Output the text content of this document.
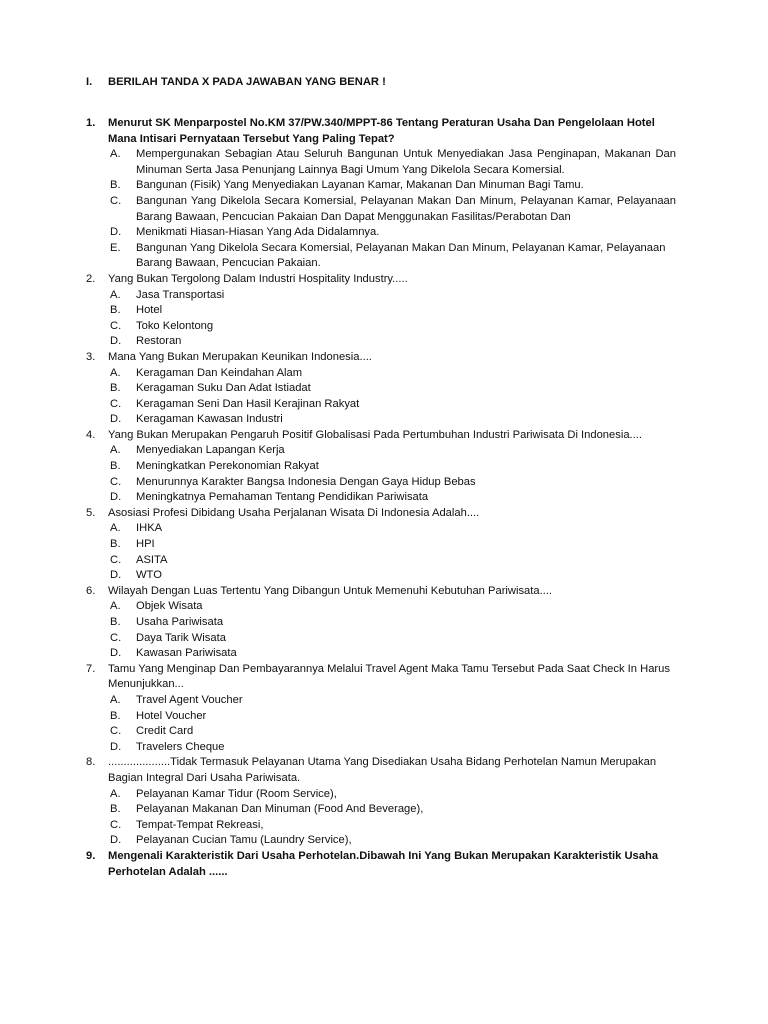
I. BERILAH TANDA X PADA JAWABAN YANG BENAR !
1. Menurut SK Menparpostel No.KM 37/PW.340/MPPT-86 Tentang Peraturan Usaha Dan Pengelolaan Hotel Mana Intisari Pernyataan Tersebut Yang Paling Tepat?
A. Mempergunakan Sebagian Atau Seluruh Bangunan Untuk Menyediakan Jasa Penginapan, Makanan Dan Minuman Serta Jasa Penunjang Lainnya Bagi Umum Yang Dikelola Secara Komersial.
B. Bangunan (Fisik) Yang Menyediakan Layanan Kamar, Makanan Dan Minuman Bagi Tamu.
C. Bangunan Yang Dikelola Secara Komersial, Pelayanan Makan Dan Minum, Pelayanan Kamar, Pelayanaan Barang Bawaan, Pencucian Pakaian Dan Dapat Menggunakan Fasilitas/Perabotan Dan
D. Menikmati Hiasan-Hiasan Yang Ada Didalamnya.
E. Bangunan Yang Dikelola Secara Komersial, Pelayanan Makan Dan Minum, Pelayanan Kamar, Pelayanaan Barang Bawaan, Pencucian Pakaian.
2. Yang Bukan Tergolong Dalam Industri Hospitality Industry.....
A. Jasa Transportasi
B. Hotel
C. Toko Kelontong
D. Restoran
3. Mana Yang Bukan Merupakan Keunikan Indonesia....
A. Keragaman Dan Keindahan Alam
B. Keragaman Suku Dan Adat Istiadat
C. Keragaman Seni Dan Hasil Kerajinan Rakyat
D. Keragaman Kawasan Industri
4. Yang Bukan Merupakan Pengaruh Positif Globalisasi Pada Pertumbuhan Industri Pariwisata Di Indonesia....
A. Menyediakan Lapangan Kerja
B. Meningkatkan Perekonomian Rakyat
C. Menurunnya Karakter Bangsa Indonesia Dengan Gaya Hidup Bebas
D. Meningkatnya Pemahaman Tentang Pendidikan Pariwisata
5. Asosiasi Profesi Dibidang Usaha Perjalanan Wisata Di Indonesia Adalah....
A. IHKA
B. HPI
C. ASITA
D. WTO
6. Wilayah Dengan Luas Tertentu Yang Dibangun Untuk Memenuhi Kebutuhan Pariwisata....
A. Objek Wisata
B. Usaha Pariwisata
C. Daya Tarik Wisata
D. Kawasan Pariwisata
7. Tamu Yang Menginap Dan Pembayarannya Melalui Travel Agent Maka Tamu Tersebut Pada Saat Check In Harus Menunjukkan...
A. Travel Agent Voucher
B. Hotel Voucher
C. Credit Card
D. Travelers Cheque
8. ....................Tidak Termasuk Pelayanan Utama Yang Disediakan Usaha Bidang Perhotelan Namun Merupakan Bagian Integral Dari Usaha Pariwisata.
A. Pelayanan Kamar Tidur (Room Service),
B. Pelayanan Makanan Dan Minuman (Food And Beverage),
C. Tempat-Tempat Rekreasi,
D. Pelayanan Cucian Tamu (Laundry Service),
9. Mengenali Karakteristik Dari Usaha Perhotelan.Dibawah Ini Yang Bukan Merupakan Karakteristik Usaha Perhotelan Adalah ......
